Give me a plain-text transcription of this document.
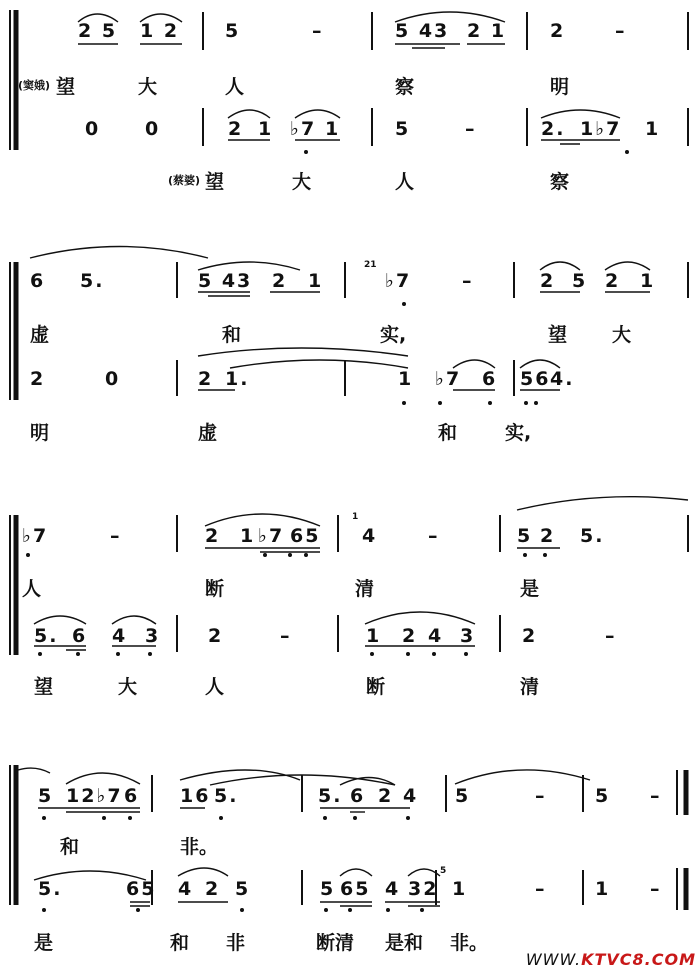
2 5 1 2 5	–	5 43 2 1 2	–
(窦娥) 望	大	人	察	明
0 0	2 1 ♭7 1	5	–	2. 1♭7 1
(蔡婆) 望	大	人	察
6 5.	5 43 2 1
21
♭7	–	2 5 2 1
虚	和	实,	望 大
2	0	2 1.	1 ♭7 6 56 4.
明	虚	和	实,
♭7	–	2 1 ♭7 65
1
4	–	5 2 5.
人	断	清	是
5. 6 4 3	2	–	1 2 4 3 2	–
望	大	人	断	清
5 12♭7 6 16 5.	5. 6 2 4 5	–	5 –
和	非。
5.	65 4 2 5	5 65 4 32
5
1	–	1 –
是	和 非	断清 是和 非。
WWW.KTVC8.COM
